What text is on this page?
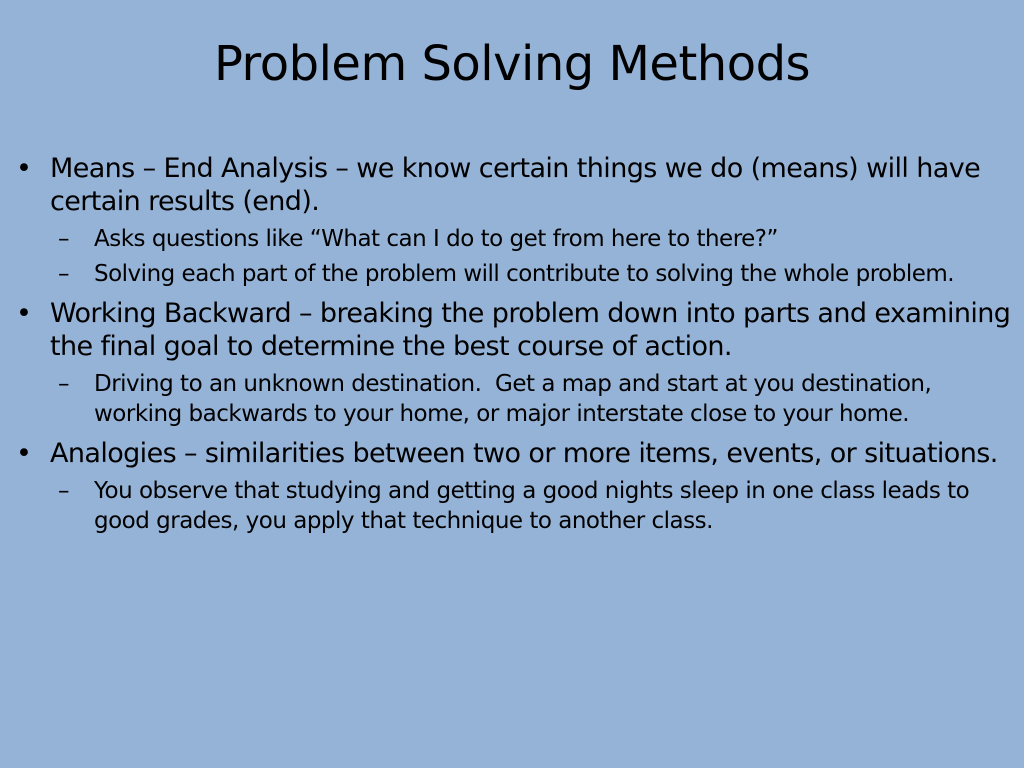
Problem Solving Methods
• Means – End Analysis – we know certain things we do (means) will have certain results (end).
–	Asks questions like “What can I do to get from here to there?”
–	Solving each part of the problem will contribute to solving the whole problem.
• Working Backward – breaking the problem down into parts and examining the final goal to determine the best course of action.
–	Driving to an unknown destination.  Get a map and start at you destination, working backwards to your home, or major interstate close to your home.
• Analogies – similarities between two or more items, events, or situations.
–	You observe that studying and getting a good nights sleep in one class leads to good grades, you apply that technique to another class.
